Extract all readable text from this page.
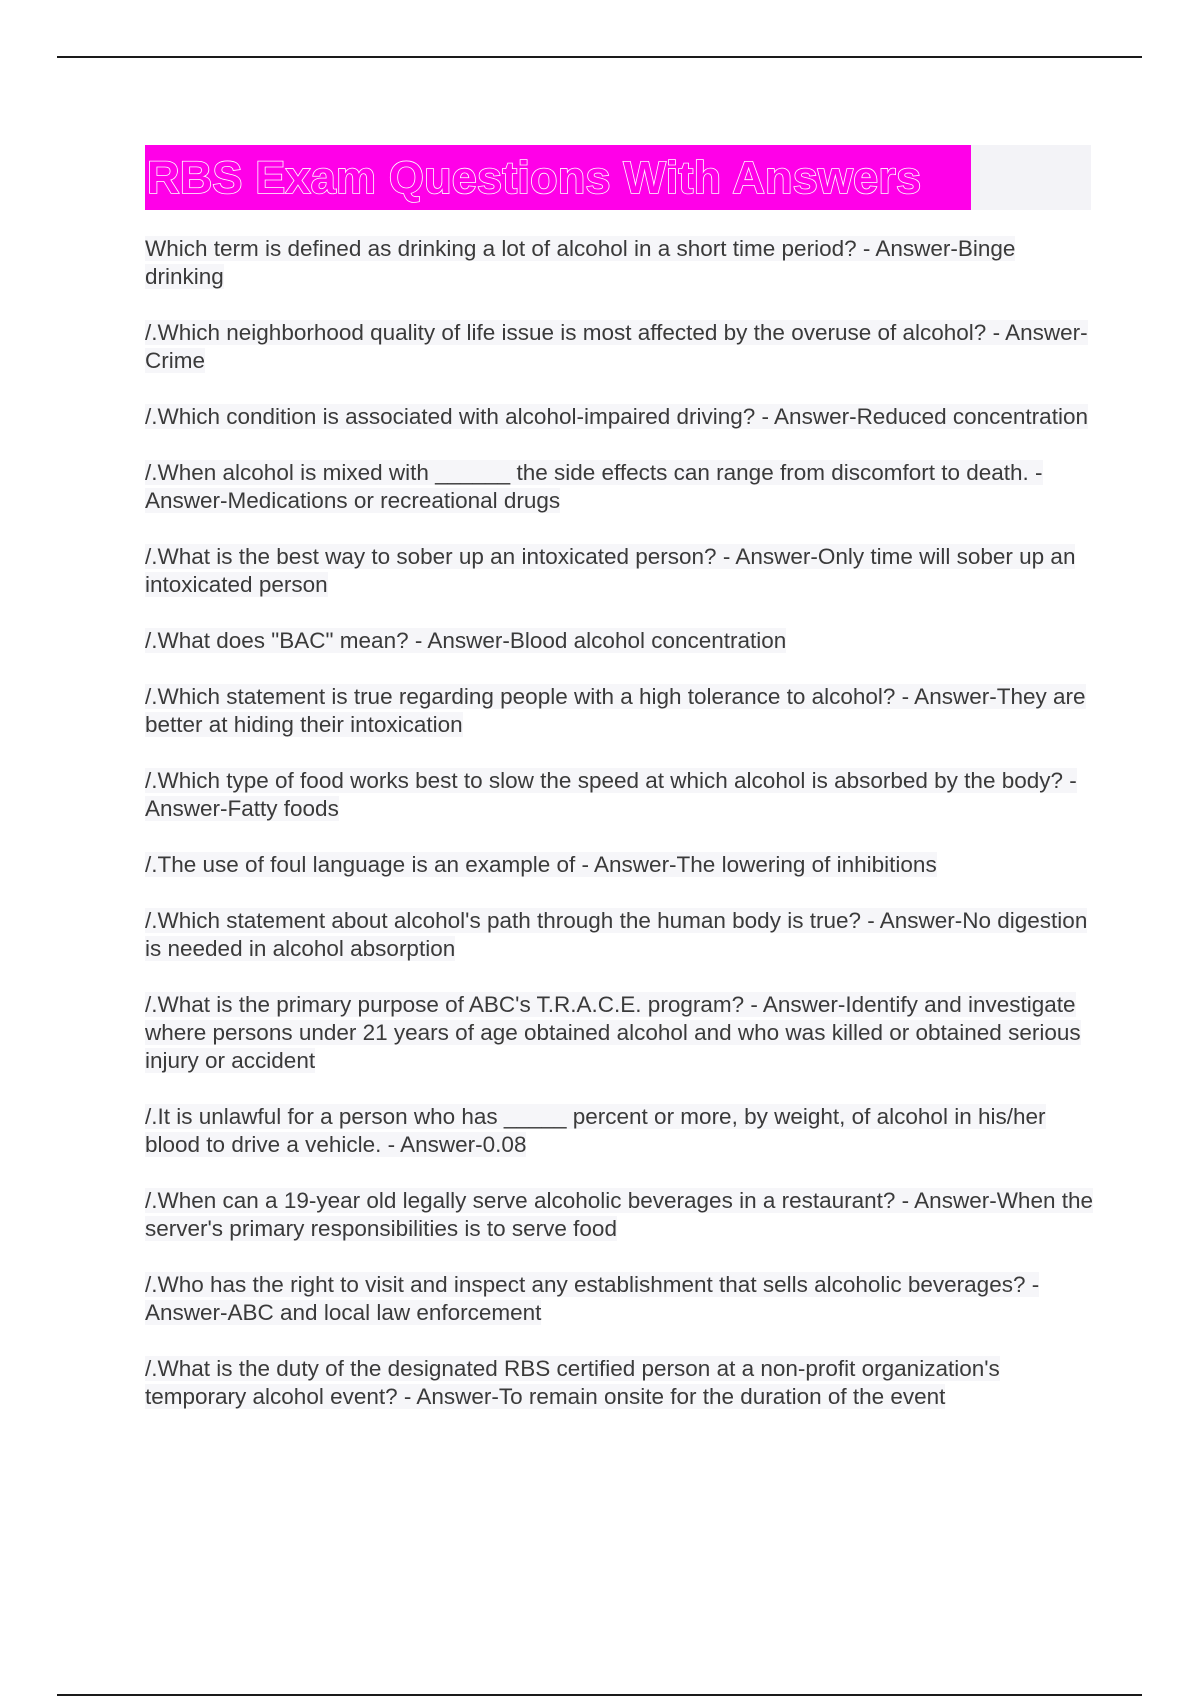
RBS Exam Questions With Answers
Which term is defined as drinking a lot of alcohol in a short time period? - Answer-Binge drinking
/.Which neighborhood quality of life issue is most affected by the overuse of alcohol? - Answer-Crime
/.Which condition is associated with alcohol-impaired driving? - Answer-Reduced concentration
/.When alcohol is mixed with ______ the side effects can range from discomfort to death. - Answer-Medications or recreational drugs
/.What is the best way to sober up an intoxicated person? - Answer-Only time will sober up an intoxicated person
/.What does "BAC" mean? - Answer-Blood alcohol concentration
/.Which statement is true regarding people with a high tolerance to alcohol? - Answer-They are better at hiding their intoxication
/.Which type of food works best to slow the speed at which alcohol is absorbed by the body? - Answer-Fatty foods
/.The use of foul language is an example of - Answer-The lowering of inhibitions
/.Which statement about alcohol's path through the human body is true? - Answer-No digestion is needed in alcohol absorption
/.What is the primary purpose of ABC's T.R.A.C.E. program? - Answer-Identify and investigate where persons under 21 years of age obtained alcohol and who was killed or obtained serious injury or accident
/.It is unlawful for a person who has _____ percent or more, by weight, of alcohol in his/her blood to drive a vehicle. - Answer-0.08
/.When can a 19-year old legally serve alcoholic beverages in a restaurant? - Answer-When the server's primary responsibilities is to serve food
/.Who has the right to visit and inspect any establishment that sells alcoholic beverages? - Answer-ABC and local law enforcement
/.What is the duty of the designated RBS certified person at a non-profit organization's temporary alcohol event? - Answer-To remain onsite for the duration of the event
